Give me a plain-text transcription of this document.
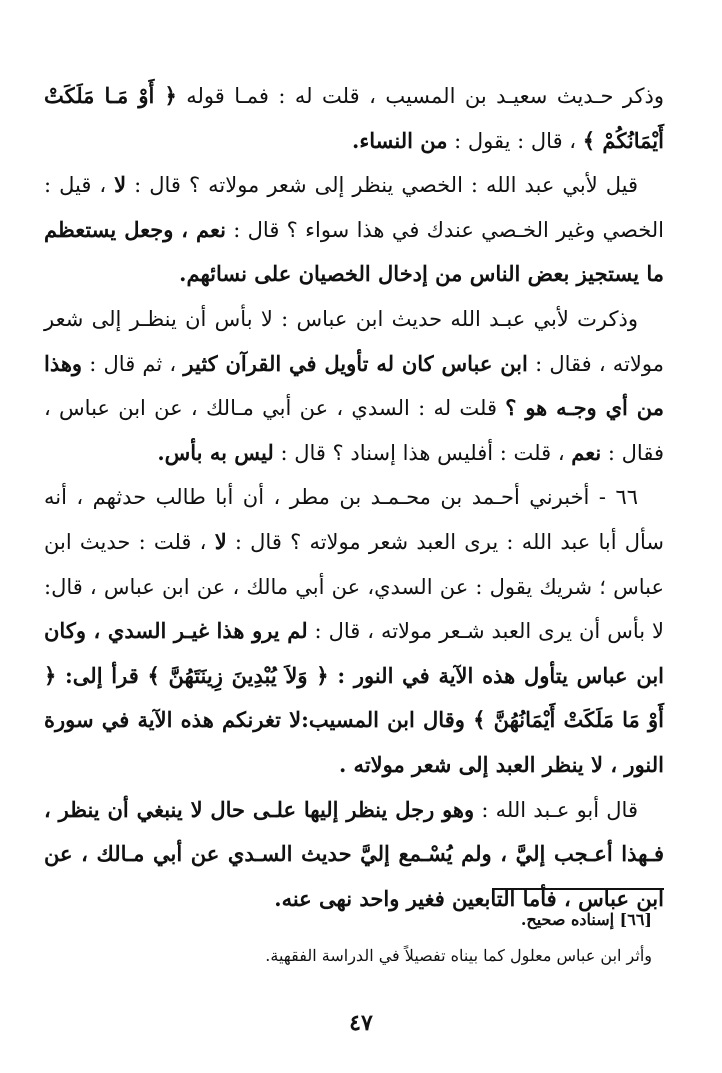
وذكر حـديث سعيـد بن المسيب ، قلت له : فمـا قوله ﴿ أَوْ مَـا مَلَكَتْ أَيْمَانُكُمْ ﴾ ، قال : يقول : من النساء.

قيل لأبي عبد الله : الخصي ينظر إلى شعر مولاته ؟ قال : لا ، قيل : الخصي وغير الخـصي عندك في هذا سواء ؟ قال : نعم ، وجعل يستعظم ما يستجيز بعض الناس من إدخال الخصيان على نسائهم.

وذكرت لأبي عبـد الله حديث ابن عباس : لا بأس أن ينظـر إلى شعر مولاته ، فقال : ابن عباس كان له تأويل في القرآن كثير ، ثم قال : وهذا من أي وجـه هو ؟ قلت له : السدي ، عن أبي مـالك ، عن ابن عباس ، فقال : نعم ، قلت : أفليس هذا إسناد ؟ قال : ليس به بأس.

٦٦ - أخبرني أحـمد بن محـمـد بن مطر ، أن أبا طالب حدثهم ، أنه سأل أبا عبد الله : يرى العبد شعر مولاته ؟ قال : لا ، قلت : حديث ابن عباس ؛ شريك يقول : عن السدي، عن أبي مالك ، عن ابن عباس ، قال: لا بأس أن يرى العبد شـعر مولاته ، قال : لم يرو هذا غيـر السدي ، وكان ابن عباس يتأول هذه الآية في النور : ﴿ وَلاَ يُبْدِينَ زِينَتَهُنَّ ﴾ قرأ إلى: ﴿ أَوْ مَا مَلَكَتْ أَيْمَانُهُنَّ ﴾ وقال ابن المسيب:لا تغرنكم هذه الآية في سورة النور ، لا ينظر العبد إلى شعر مولاته .

قال أبو عـبد الله : وهو رجل ينظر إليها علـى حال لا ينبغي أن ينظر ، فـهذا أعـجب إليَّ ، ولم يُسْـمع إليَّ حديث السـدي عن أبي مـالك ، عن ابن عباس ، فأما التابعين فغير واحد نهى عنه.

[٦٦] إسناده صحيح.

وأثر ابن عباس معلول كما بيناه تفصيلاً في الدراسة الفقهية.

٤٧
